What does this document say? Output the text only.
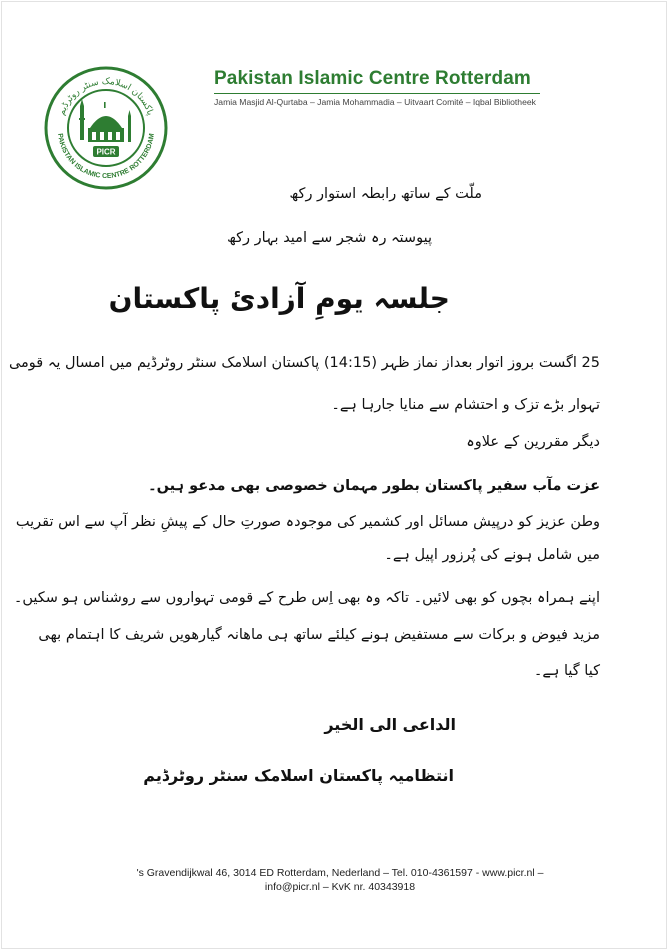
پاکستان اسلامک سنٹر روٹرڈیم
PAKISTAN ISLAMIC CENTRE ROTTERDAM
PICR
Pakistan Islamic Centre Rotterdam
Jamia Masjid Al-Qurtaba – Jamia Mohammadia – Uitvaart Comité – Iqbal Bibliotheek
ملّت کے ساتھ رابطہ استوار رکھ
پیوستہ رہ شجر سے امید بہار رکھ
جلسہ یومِ آزادئ پاکستان
25 اگست بروز اتوار بعداز نماز ظہر (14:15) پاکستان اسلامک سنٹر روٹرڈیم میں امسال یہ قومی
تہوار بڑے تزک و احتشام سے منایا جارہا ہے۔
دیگر مقررین کے علاوہ
عزت مآب سفیر پاکستان بطور مہمان خصوصی بھی مدعو ہیں۔
وطن عزیز کو درپیش مسائل اور کشمیر کی موجودہ صورتِ حال کے پیشِ نظر آپ سے اس تقریب
میں شامل ہونے کی پُرزور اپیل ہے۔
اپنے ہمراہ بچوں کو بھی لائیں۔ تاکہ وہ بھی اِس طرح کے قومی تہواروں سے روشناس ہو سکیں۔
مزید فیوض و برکات سے مستفیض ہونے کیلئے ساتھ ہی ماھانہ گیارھویں شریف کا اہتمام بھی
کیا گیا ہے۔
الداعی الی الخیر
انتظامیہ پاکستان اسلامک سنٹر روٹرڈیم
's Gravendijkwal 46, 3014 ED Rotterdam, Nederland – Tel. 010-4361597 - www.picr.nl –
info@picr.nl – KvK nr. 40343918
